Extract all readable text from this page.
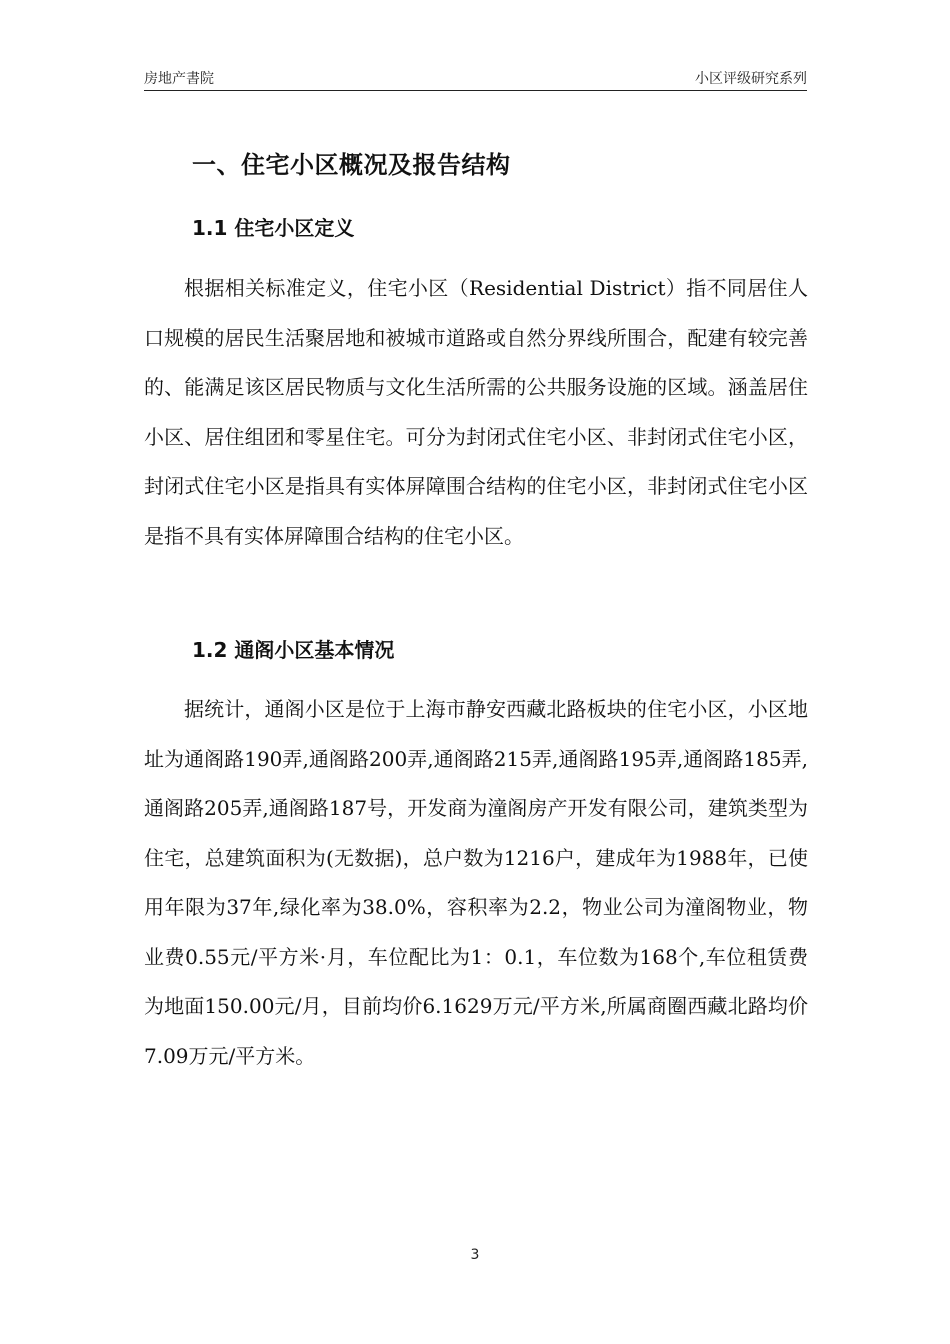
房地产書院	小区评级研究系列
一、住宅小区概况及报告结构
1.1 住宅小区定义

根据相关标准定义，住宅小区（Residential District）指不同居住人口规模的居民生活聚居地和被城市道路或自然分界线所围合，配建有较完善的、能满足该区居民物质与文化生活所需的公共服务设施的区域。涵盖居住小区、居住组团和零星住宅。可分为封闭式住宅小区、非封闭式住宅小区，封闭式住宅小区是指具有实体屏障围合结构的住宅小区，非封闭式住宅小区是指不具有实体屏障围合结构的住宅小区。

1.2 通阁小区基本情况

据统计，通阁小区是位于上海市静安西藏北路板块的住宅小区，小区地址为通阁路190弄,通阁路200弄,通阁路215弄,通阁路195弄,通阁路185弄,通阁路205弄,通阁路187号，开发商为潼阁房产开发有限公司，建筑类型为住宅，总建筑面积为(无数据)，总户数为1216户，建成年为1988年，已使用年限为37年,绿化率为38.0%，容积率为2.2，物业公司为潼阁物业，物业费0.55元/平方米·月，车位配比为1：0.1，车位数为168个,车位租赁费为地面150.00元/月，目前均价6.1629万元/平方米,所属商圈西藏北路均价7.09万元/平方米。

3
